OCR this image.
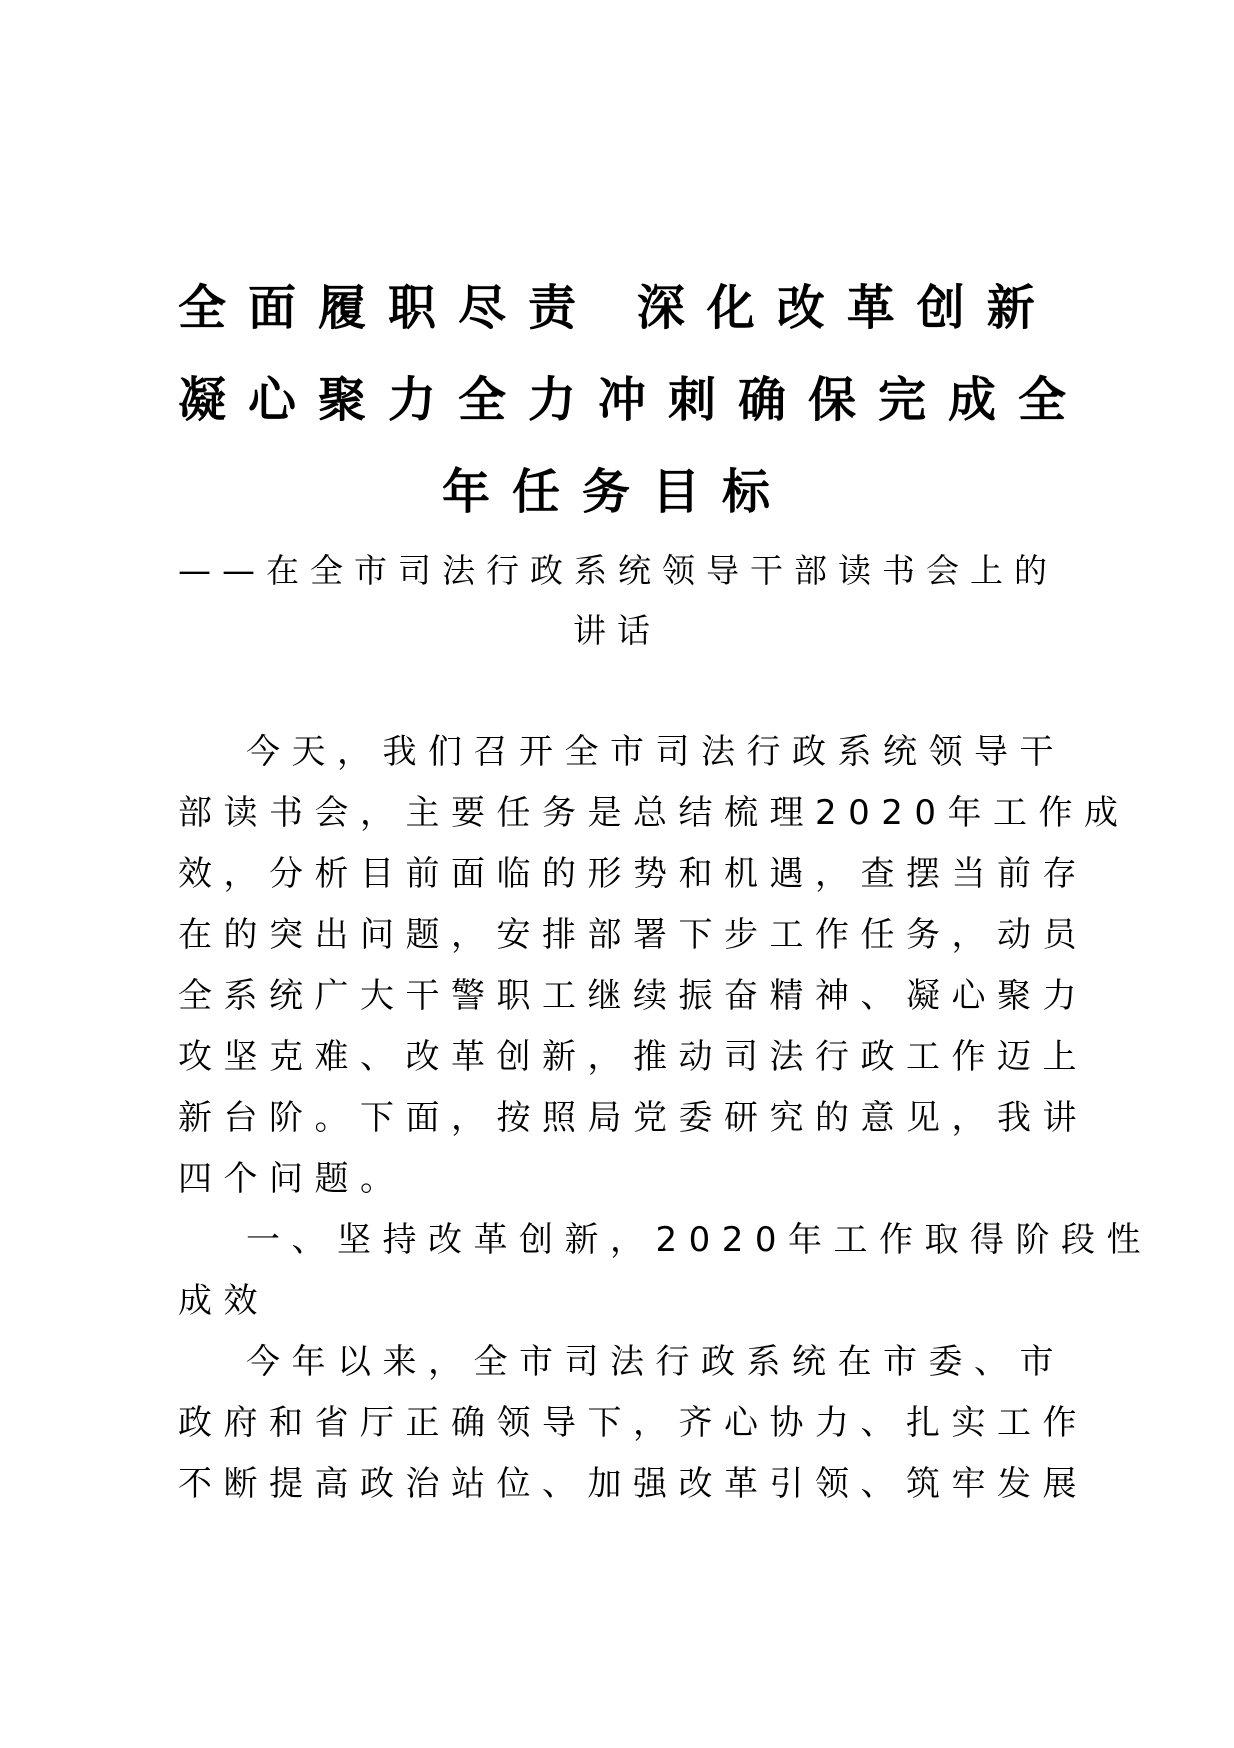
全面履职尽责 深化改革创新
凝心聚力全力冲刺确保完成全
年任务目标
——在全市司法行政系统领导干部读书会上的
讲话
今天，我们召开全市司法行政系统领导干
部读书会，主要任务是总结梳理2020年工作成
效，分析目前面临的形势和机遇，查摆当前存
在的突出问题，安排部署下步工作任务，动员
全系统广大干警职工继续振奋精神、凝心聚力
攻坚克难、改革创新，推动司法行政工作迈上
新台阶。下面，按照局党委研究的意见，我讲
四个问题。
一、坚持改革创新，2020年工作取得阶段性
成效
今年以来，全市司法行政系统在市委、市
政府和省厅正确领导下，齐心协力、扎实工作
不断提高政治站位、加强改革引领、筑牢发展
